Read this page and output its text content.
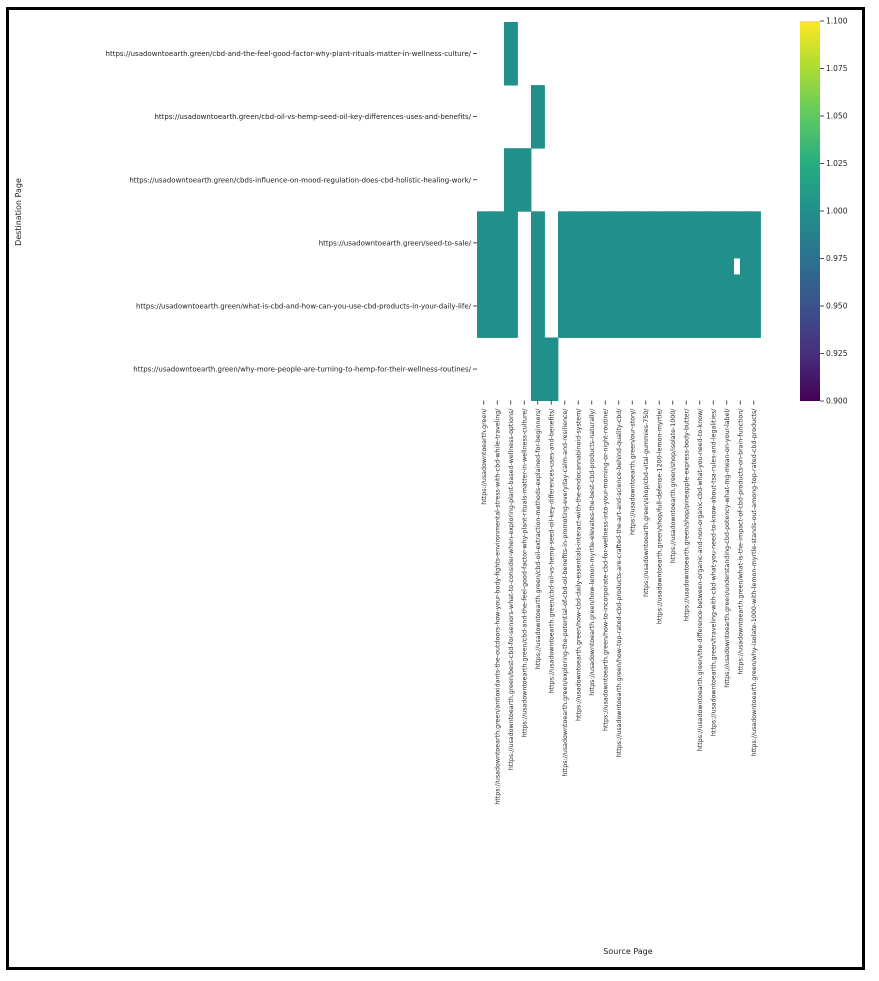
https://usadowntoearth.green/cbd-and-the-feel-good-factor-why-plant-rituals-matter-in-wellness-culture/
https://usadowntoearth.green/cbd-oil-vs-hemp-seed-oil-key-differences-uses-and-benefits/
https://usadowntoearth.green/cbds-influence-on-mood-regulation-does-cbd-holistic-healing-work/
https://usadowntoearth.green/seed-to-sale/
https://usadowntoearth.green/what-is-cbd-and-how-can-you-use-cbd-products-in-your-daily-life/
https://usadowntoearth.green/why-more-people-are-turning-to-hemp-for-their-wellness-routines/
https://usadowntoearth.green/ https://usadowntoearth.green/antioxidants-the-outdoors-how-your-body-fights-environmental-stress-with-cbd-while-traveling/ https://usadowntoearth.green/best-cbd-for-seniors-what-to-consider-when-exploring-plant-based-wellness-options/ https://usadowntoearth.green/cbd-and-the-feel-good-factor-why-plant-rituals-matter-in-wellness-culture/ https://usadowntoearth.green/cbd-oil-extraction-methods-explained-for-beginners/ https://usadowntoearth.green/cbd-oil-vs-hemp-seed-oil-key-differences-uses-and-benefits/ https://usadowntoearth.green/exploring-the-potential-of-cbd-oil-benefits-in-promoting-everyday-calm-and-resilience/ https://usadowntoearth.green/how-cbd-daily-essentials-interact-with-the-endocannabinoid-system/ https://usadowntoearth.green/how-lemon-myrtle-elevates-the-best-cbd-products-naturally/ https://usadowntoearth.green/how-to-incorporate-cbd-for-wellness-into-your-morning-or-night-routine/ https://usadowntoearth.green/how-top-rated-cbd-products-are-crafted-the-art-and-science-behind-quality-cbd/ https://usadowntoearth.green/our-story/ https://usadowntoearth.green/shop/cbd-vital-gummies-750/ https://usadowntoearth.green/shop/full-defense-1200-lemon-myrtle/ https://usadowntoearth.green/shop/isolate-1000/ https://usadowntoearth.green/shop/pineapple-express-body-butter/ https://usadowntoearth.green/the-difference-between-organic-and-non-organic-cbd-what-you-need-to-know/ https://usadowntoearth.green/traveling-with-cbd-what-you-need-to-know-about-tsa-rules-and-legalities/ https://usadowntoearth.green/understanding-cbd-potency-what-mg-mean-on-your-label/ https://usadowntoearth.green/what-is-the-impact-of-cbd-products-on-brain-function/ https://usadowntoearth.green/why-isolate-1000-with-lemon-myrtle-stands-out-among-top-rated-cbd-products/
1.100
1.075
1.050
1.025
1.000
0.975
0.950
0.925
0.900
Source Page
Destination Page
